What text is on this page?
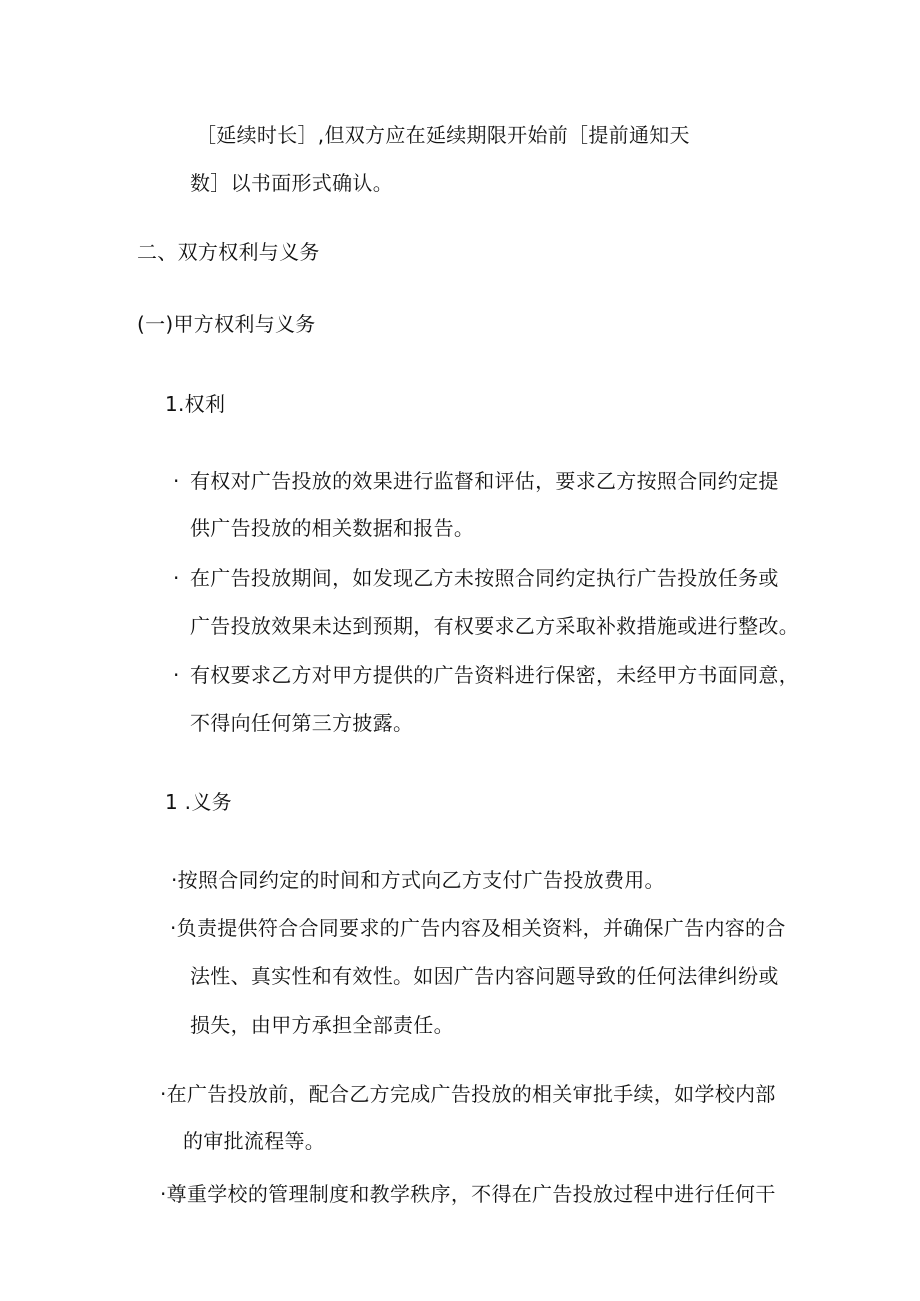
［延续时长］,但双方应在延续期限开始前［提前通知天
数］以书面形式确认。
二、双方权利与义务
(一)甲方权利与义务
1.权利
· 有权对广告投放的效果进行监督和评估，要求乙方按照合同约定提
供广告投放的相关数据和报告。
· 在广告投放期间，如发现乙方未按照合同约定执行广告投放任务或
广告投放效果未达到预期，有权要求乙方采取补救措施或进行整改。
· 有权要求乙方对甲方提供的广告资料进行保密，未经甲方书面同意，
不得向任何第三方披露。
1 .义务
·按照合同约定的时间和方式向乙方支付广告投放费用。
·负责提供符合合同要求的广告内容及相关资料，并确保广告内容的合
法性、真实性和有效性。如因广告内容问题导致的任何法律纠纷或
损失，由甲方承担全部责任。
·在广告投放前，配合乙方完成广告投放的相关审批手续，如学校内部
的审批流程等。
·尊重学校的管理制度和教学秩序，不得在广告投放过程中进行任何干
